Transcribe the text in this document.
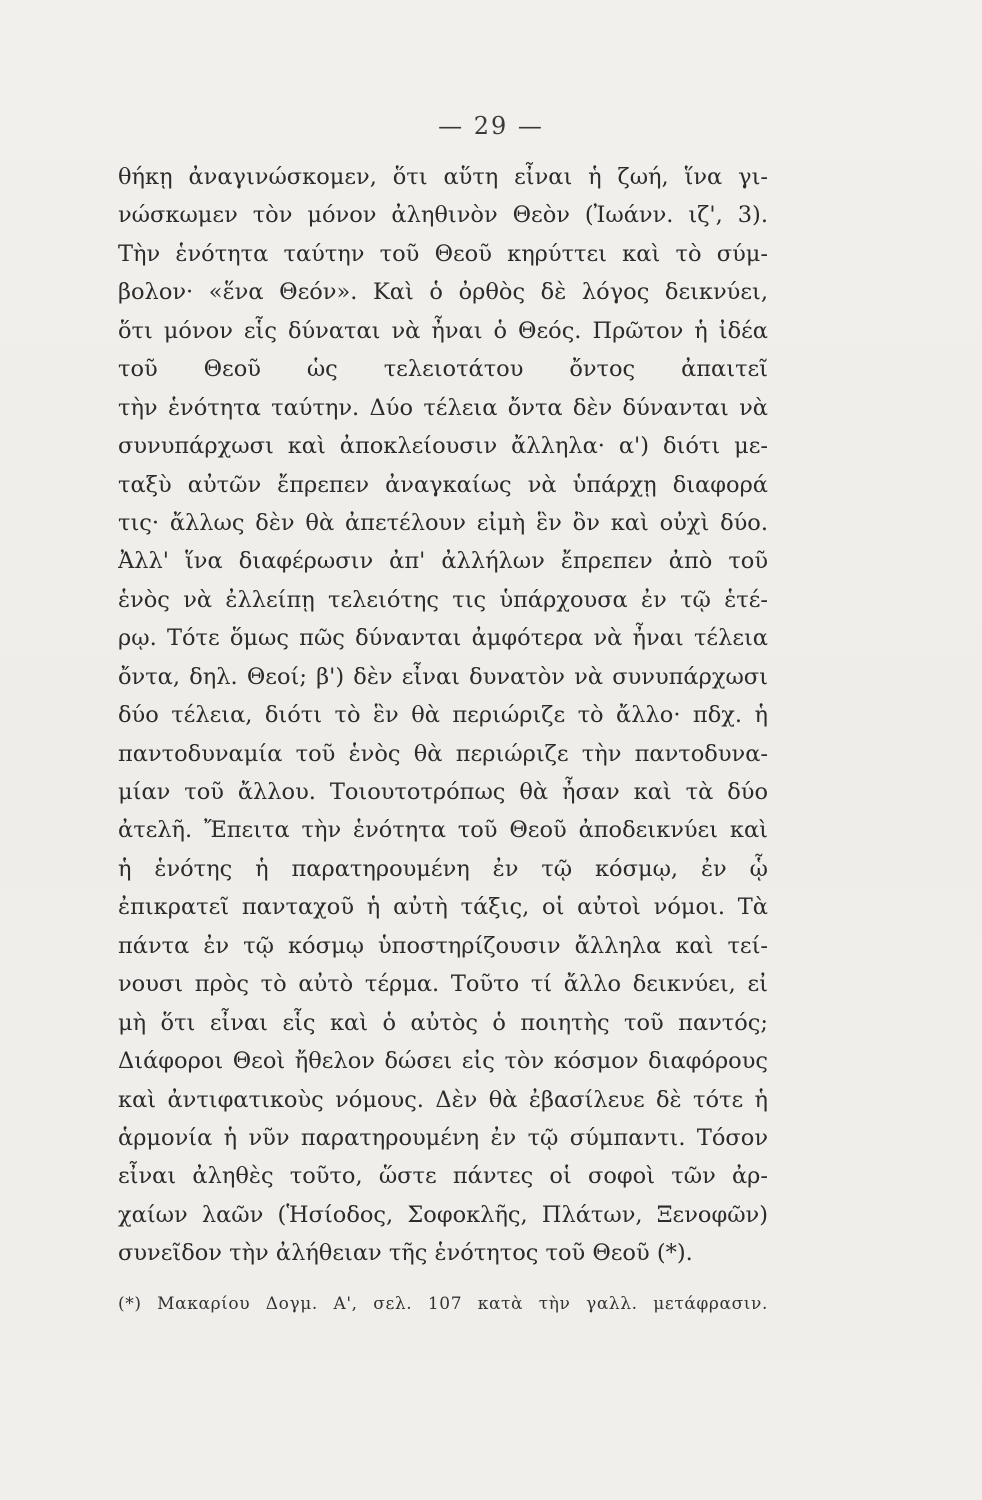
— 29 —
θήκῃ ἀναγινώσκομεν, ὅτι αὕτη εἶναι ἡ ζωή, ἵνα γι-
νώσκωμεν τὸν μόνον ἀληθινὸν Θεὸν (Ἰωάνν. ιζ', 3).
Τὴν ἑνότητα ταύτην τοῦ Θεοῦ κηρύττει καὶ τὸ σύμ-
βολον· «ἕνα Θεόν». Καὶ ὁ ὀρθὸς δὲ λόγος δεικνύει,
ὅτι μόνον εἷς δύναται νὰ ἦναι ὁ Θεός. Πρῶτον ἡ ἰδέα
τοῦ Θεοῦ ὡς τελειοτάτου ὄντος ἀπαιτεῖ
τὴν ἑνότητα ταύτην. Δύο τέλεια ὄντα δὲν δύνανται νὰ
συνυπάρχωσι καὶ ἀποκλείουσιν ἄλληλα· α') διότι με-
ταξὺ αὐτῶν ἔπρεπεν ἀναγκαίως νὰ ὑπάρχῃ διαφορά
τις· ἄλλως δὲν θὰ ἀπετέλουν εἰμὴ ἓν ὂν καὶ οὐχὶ δύο.
Ἀλλ' ἵνα διαφέρωσιν ἀπ' ἀλλήλων ἔπρεπεν ἀπὸ τοῦ
ἑνὸς νὰ ἐλλείπῃ τελειότης τις ὑπάρχουσα ἐν τῷ ἑτέ-
ρῳ. Τότε ὅμως πῶς δύνανται ἀμφότερα νὰ ἦναι τέλεια
ὄντα, δηλ. Θεοί; β') δὲν εἶναι δυνατὸν νὰ συνυπάρχωσι
δύο τέλεια, διότι τὸ ἓν θὰ περιώριζε τὸ ἄλλο· πδχ. ἡ
παντοδυναμία τοῦ ἑνὸς θὰ περιώριζε τὴν παντοδυνα-
μίαν τοῦ ἄλλου. Τοιουτοτρόπως θὰ ἦσαν καὶ τὰ δύο
ἀτελῆ. Ἔπειτα τὴν ἑνότητα τοῦ Θεοῦ ἀποδεικνύει καὶ
ἡ ἑνότης ἡ παρατηρουμένη ἐν τῷ κόσμῳ, ἐν ᾧ
ἐπικρατεῖ πανταχοῦ ἡ αὐτὴ τάξις, οἱ αὐτοὶ νόμοι. Τὰ
πάντα ἐν τῷ κόσμῳ ὑποστηρίζουσιν ἄλληλα καὶ τεί-
νουσι πρὸς τὸ αὐτὸ τέρμα. Τοῦτο τί ἄλλο δεικνύει, εἰ
μὴ ὅτι εἶναι εἷς καὶ ὁ αὐτὸς ὁ ποιητὴς τοῦ παντός;
Διάφοροι Θεοὶ ἤθελον δώσει εἰς τὸν κόσμον διαφόρους
καὶ ἀντιφατικοὺς νόμους. Δὲν θὰ ἐβασίλευε δὲ τότε ἡ
ἁρμονία ἡ νῦν παρατηρουμένη ἐν τῷ σύμπαντι. Τόσον
εἶναι ἀληθὲς τοῦτο, ὥστε πάντες οἱ σοφοὶ τῶν ἀρ-
χαίων λαῶν (Ἡσίοδος, Σοφοκλῆς, Πλάτων, Ξενοφῶν)
συνεῖδον τὴν ἀλήθειαν τῆς ἑνότητος τοῦ Θεοῦ (*).
(*) Μακαρίου Δογμ. Α', σελ. 107 κατὰ τὴν γαλλ. μετάφρασιν.
